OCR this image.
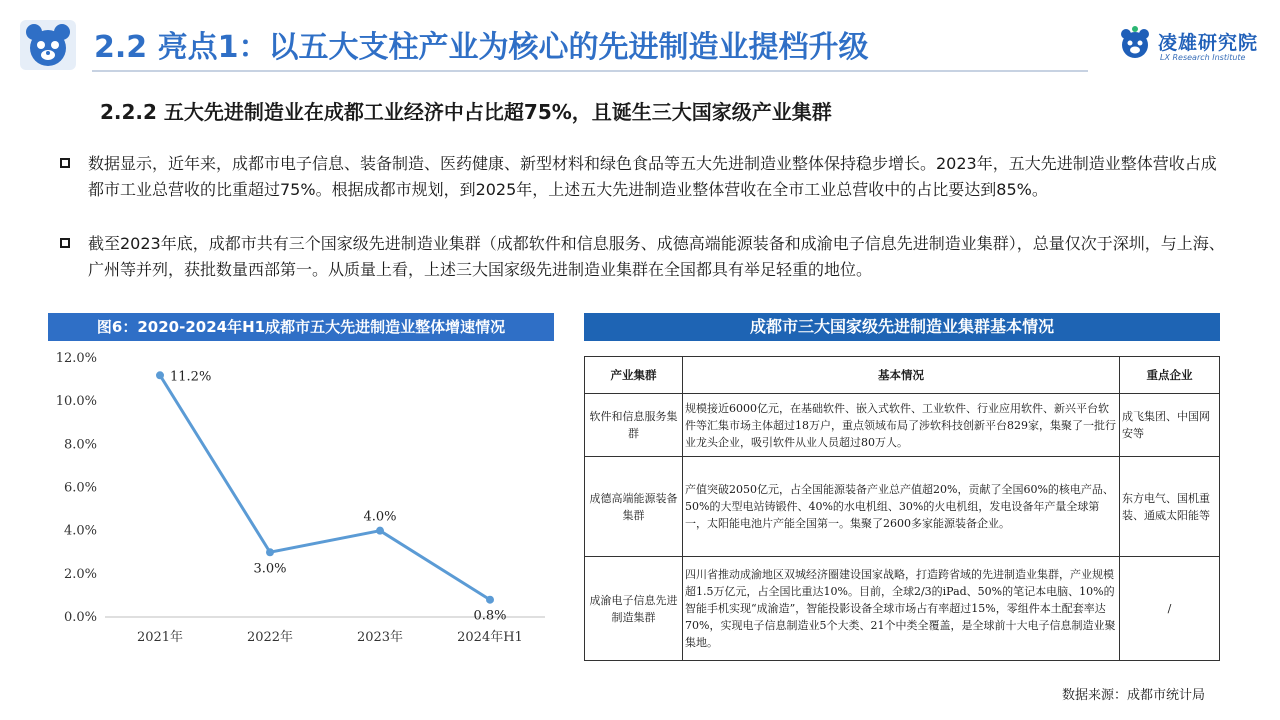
2.2 亮点1：以五大支柱产业为核心的先进制造业提档升级	凌雄研究院
LX Research Institute
2.2.2 五大先进制造业在成都工业经济中占比超75%，且诞生三大国家级产业集群
数据显示，近年来，成都市电子信息、装备制造、医药健康、新型材料和绿色食品等五大先进制造业整体保持稳步增长。2023年，五大先进制造业整体营收占成都市工业总营收的比重超过75%。根据成都市规划，到2025年，上述五大先进制造业整体营收在全市工业总营收中的占比要达到85%。
截至2023年底，成都市共有三个国家级先进制造业集群（成都软件和信息服务、成德高端能源装备和成渝电子信息先进制造业集群），总量仅次于深圳，与上海、广州等并列，获批数量西部第一。从质量上看，上述三大国家级先进制造业集群在全国都具有举足轻重的地位。
图6：2020-2024年H1成都市五大先进制造业整体增速情况
0.0%
2.0%
4.0%
6.0%
8.0%
10.0%
12.0%
2021年	2022年	2023年	2024年H1
11.2%
3.0%
4.0%
0.8%
成都市三大国家级先进制造业集群基本情况
产业集群	基本情况	重点企业
软件和信息服务集群	规模接近6000亿元，在基础软件、嵌入式软件、工业软件、行业应用软件、新兴平台软件等汇集市场主体超过18万户，重点领域布局了涉软科技创新平台829家，集聚了一批行业龙头企业，吸引软件从业人员超过80万人。	成飞集团、中国网安等
成德高端能源装备集群	产值突破2050亿元，占全国能源装备产业总产值超20%，贡献了全国60%的核电产品、50%的大型电站铸锻件、40%的水电机组、30%的火电机组，发电设备年产量全球第一，太阳能电池片产能全国第一。集聚了2600多家能源装备企业。	东方电气、国机重装、通威太阳能等
成渝电子信息先进制造集群	四川省推动成渝地区双城经济圈建设国家战略，打造跨省域的先进制造业集群，产业规模超1.5万亿元，占全国比重达10%。目前，全球2/3的iPad、50%的笔记本电脑、10%的智能手机实现“成渝造”，智能投影设备全球市场占有率超过15%，零组件本土配套率达70%，实现电子信息制造业5个大类、21个中类全覆盖，是全球前十大电子信息制造业聚集地。	/
数据来源：成都市统计局
